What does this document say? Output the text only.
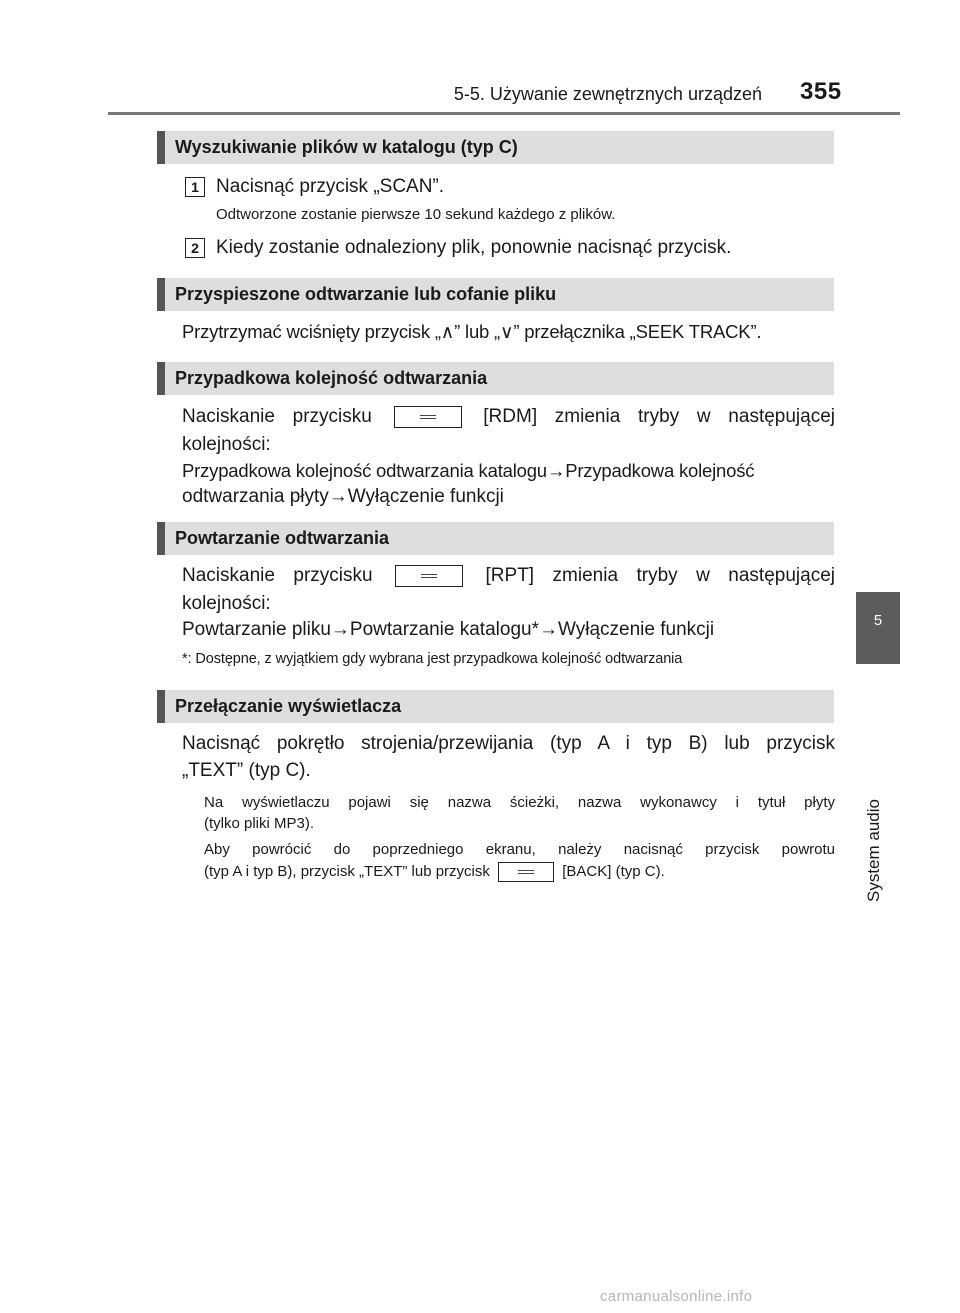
5-5. Używanie zewnętrznych urządzeń 355
5
System audio
Wyszukiwanie plików w katalogu (typ C)
1 Nacisnąć przycisk „SCAN”.
Odtworzone zostanie pierwsze 10 sekund każdego z plików.
2 Kiedy zostanie odnaleziony plik, ponownie nacisnąć przycisk.
Przyspieszone odtwarzanie lub cofanie pliku
Przytrzymać wciśnięty przycisk „∧” lub „∨” przełącznika „SEEK TRACK”.
Przypadkowa kolejność odtwarzania
Naciskanie przycisku	[RDM] zmienia tryby w następującej
kolejności:
Przypadkowa kolejność odtwarzania katalogu→Przypadkowa kolejność
odtwarzania płyty→Wyłączenie funkcji
Powtarzanie odtwarzania
Naciskanie przycisku	[RPT] zmienia tryby w następującej
kolejności:
Powtarzanie pliku→Powtarzanie katalogu*→Wyłączenie funkcji
*: Dostępne, z wyjątkiem gdy wybrana jest przypadkowa kolejność odtwarzania
Przełączanie wyświetlacza
Nacisnąć pokrętło strojenia/przewijania (typ A i typ B) lub przycisk
„TEXT” (typ C).
Na wyświetlaczu pojawi się nazwa ścieżki, nazwa wykonawcy i tytuł płyty
(tylko pliki MP3).
Aby powrócić do poprzedniego ekranu, należy nacisnąć przycisk powrotu
(typ A i typ B), przycisk „TEXT” lub przycisk	[BACK] (typ C).
carmanualsonline.info
